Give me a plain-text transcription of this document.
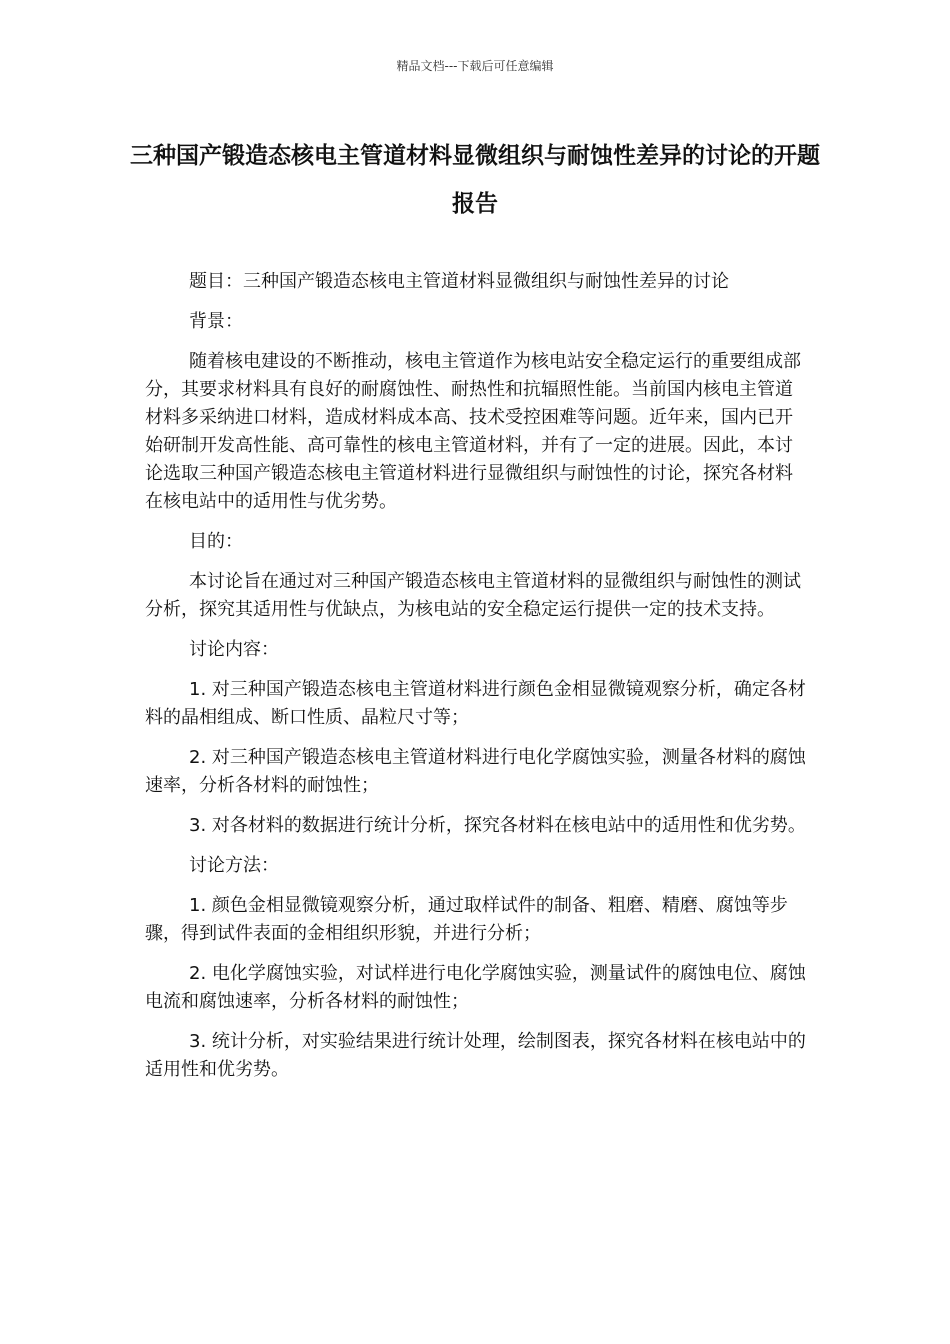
精品文档---下载后可任意编辑
三种国产锻造态核电主管道材料显微组织与耐蚀性差异的讨论的开题报告

题目：三种国产锻造态核电主管道材料显微组织与耐蚀性差异的讨论

背景：

随着核电建设的不断推动，核电主管道作为核电站安全稳定运行的重要组成部分，其要求材料具有良好的耐腐蚀性、耐热性和抗辐照性能。当前国内核电主管道材料多采纳进口材料，造成材料成本高、技术受控困难等问题。近年来，国内已开始研制开发高性能、高可靠性的核电主管道材料，并有了一定的进展。因此，本讨论选取三种国产锻造态核电主管道材料进行显微组织与耐蚀性的讨论，探究各材料在核电站中的适用性与优劣势。

目的：

本讨论旨在通过对三种国产锻造态核电主管道材料的显微组织与耐蚀性的测试分析，探究其适用性与优缺点，为核电站的安全稳定运行提供一定的技术支持。

讨论内容：

1. 对三种国产锻造态核电主管道材料进行颜色金相显微镜观察分析，确定各材料的晶相组成、断口性质、晶粒尺寸等；

2. 对三种国产锻造态核电主管道材料进行电化学腐蚀实验，测量各材料的腐蚀速率，分析各材料的耐蚀性；

3. 对各材料的数据进行统计分析，探究各材料在核电站中的适用性和优劣势。

讨论方法：

1. 颜色金相显微镜观察分析，通过取样试件的制备、粗磨、精磨、腐蚀等步骤，得到试件表面的金相组织形貌，并进行分析；

2. 电化学腐蚀实验，对试样进行电化学腐蚀实验，测量试件的腐蚀电位、腐蚀电流和腐蚀速率，分析各材料的耐蚀性；

3. 统计分析，对实验结果进行统计处理，绘制图表，探究各材料在核电站中的适用性和优劣势。
